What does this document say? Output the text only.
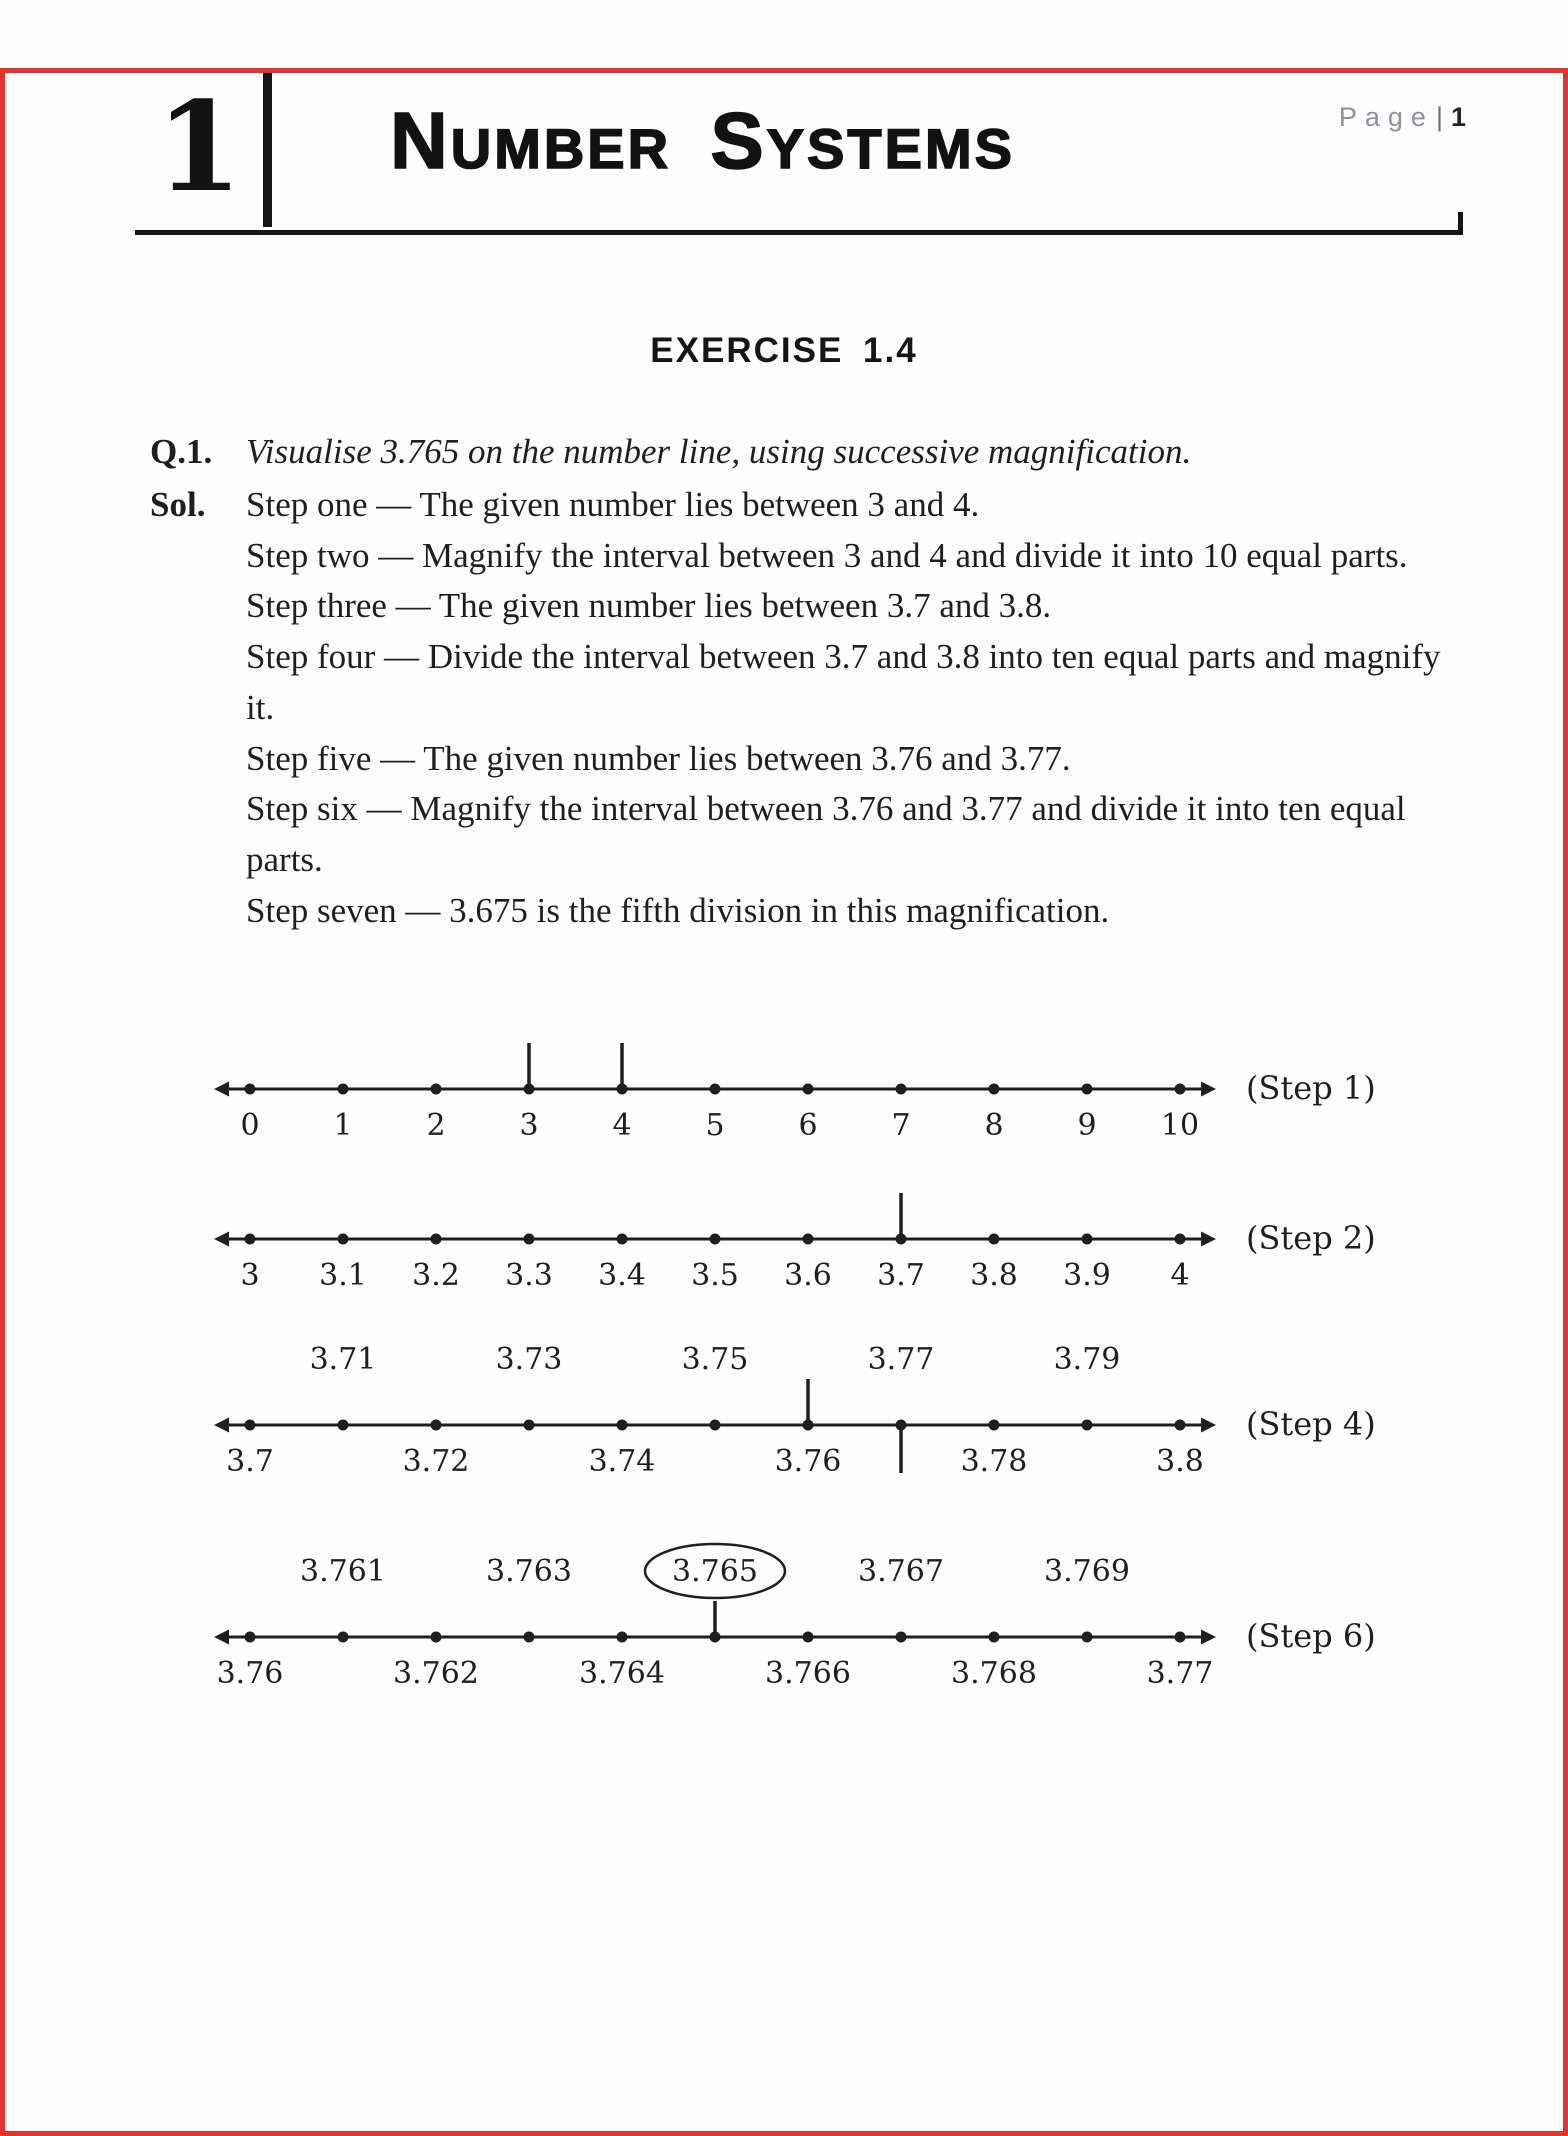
Page| 1
1 Number Systems
EXERCISE 1.4
Q.1. Visualise 3.765 on the number line, using successive magnification.
Sol.	Step one — The given number lies between 3 and 4.

Step two — Magnify the interval between 3 and 4 and divide it into 10 equal parts.

Step three — The given number lies between 3.7 and 3.8.

Step four — Divide the interval between 3.7 and 3.8 into ten equal parts and magnify it.

Step five — The given number lies between 3.76 and 3.77.

Step six — Magnify the interval between 3.76 and 3.77 and divide it into ten equal parts.

Step seven — 3.675 is the fifth division in this magnification.

0 1 2 3 4 5 6 7 8 9 10
(Step 1)
3 3.1 3.2 3.3 3.4 3.5 3.6 3.7 3.8 3.9 4
(Step 2)
3.71	3.73	3.75	3.77	3.79
3.7	3.72	3.74	3.76	3.78	3.8
(Step 4)
3.761	3.763	3.765	3.767	3.769
3.76	3.762	3.764	3.766	3.768	3.77
(Step 6)
